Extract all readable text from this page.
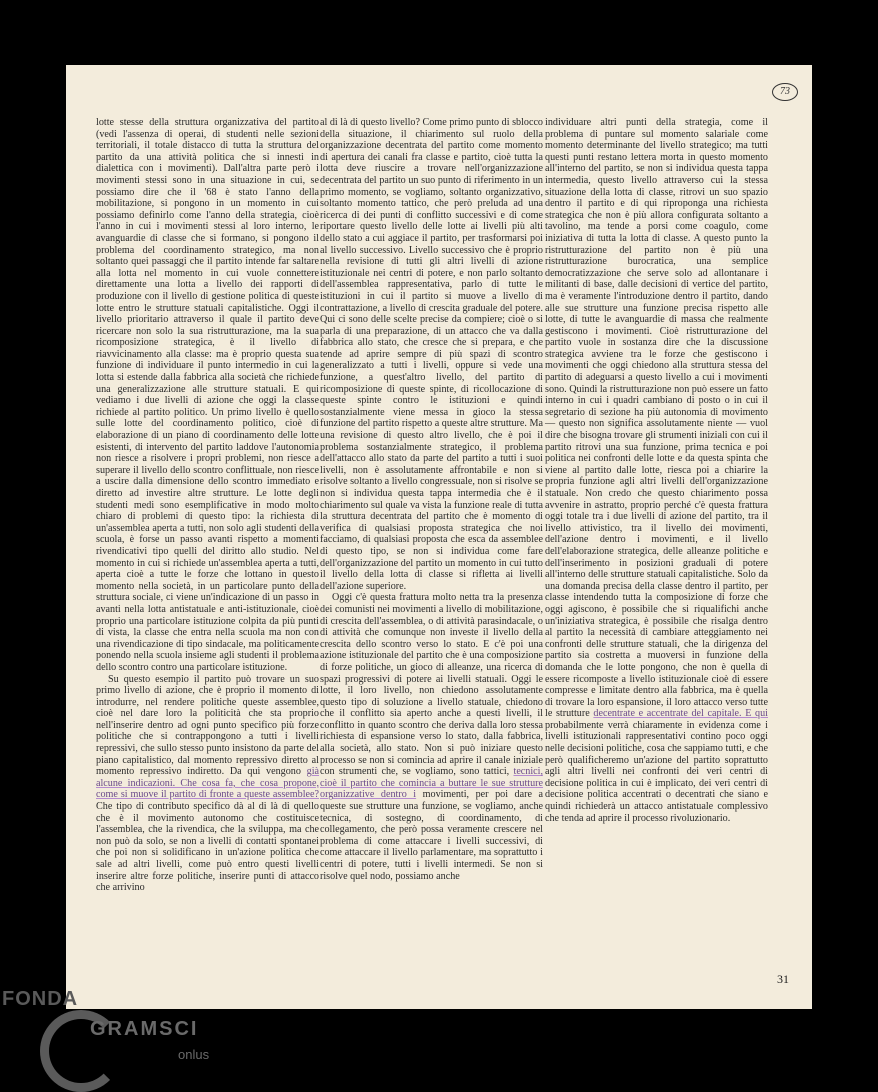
73

lotte stesse della struttura organizzativa del partito (vedi l'assenza di operai, di studenti nelle sezioni territoriali, il totale distacco di tutta la struttura del partito da una attività politica che si innesti in dialettica con i movimenti). Dall'altra parte però i movimenti stessi sono in una situazione in cui, se possiamo dire che il '68 è stato l'anno della mobilitazione, si pongono in un momento in cui possiamo definirlo come l'anno della strategia, cioè l'anno in cui i movimenti stessi al loro interno, le avanguardie di classe che si formano, si pongono il problema del coordinamento strategico, ma non soltanto quei passaggi che il partito intende far saltare alla lotta nel momento in cui vuole connettere direttamente una lotta a livello dei rapporti di produzione con il livello di gestione politica di queste lotte entro le strutture statuali capitalistiche. Oggi il livello prioritario attraverso il quale il partito deve ricercare non solo la sua ristrutturazione, ma la sua ricomposizione strategica, è il livello di riavvicinamento alla classe: ma è proprio questa sua funzione di individuare il punto intermedio in cui la lotta si estende dalla fabbrica alla società che richiede una generalizzazione alle strutture statuali. E qui vediamo i due livelli di azione che oggi la classe richiede al partito politico. Un primo livello è quello sulle lotte del coordinamento politico, cioè di elaborazione di un piano di coordinamento delle lotte esistenti, di intervento del partito laddove l'autonomia non riesce a risolvere i propri problemi, non riesce a superare il livello dello scontro conflittuale, non riesce a uscire dalla dimensione dello scontro immediato e diretto ad investire altre strutture. Le lotte degli studenti medi sono esemplificative in modo molto chiaro di problemi di questo tipo: la richiesta di un'assemblea aperta a tutti, non solo agli studenti della scuola, è forse un passo avanti rispetto a momenti rivendicativi tipo quelli del diritto allo studio. Nel momento in cui si richiede un'assemblea aperta a tutti, aperta cioè a tutte le forze che lottano in questo momento nella società, in un particolare punto della struttura sociale, ci viene un'indicazione di un passo in avanti nella lotta antistatuale e anti-istituzionale, cioè proprio una particolare istituzione colpita da più punti di vista, la classe che entra nella scuola ma non con una rivendicazione di tipo sindacale, ma politicamente ponendo nella scuola insieme agli studenti il problema dello scontro contro una particolare istituzione.

Su questo esempio il partito può trovare un suo primo livello di azione, che è proprio il momento di introdurre, nel rendere politiche queste assemblee, cioè nel dare loro la politicità che sta proprio nell'inserire dentro ad ogni punto specifico più forze politiche che si contrappongono a tutti i livelli repressivi, che sullo stesso punto insistono da parte del piano capitalistico, dal momento repressivo diretto al momento repressivo indiretto. Da qui vengono già alcune indicazioni. Che cosa fa, che cosa propone, come si muove il partito di fronte a queste assemblee? Che tipo di contributo specifico dà al di là di quello che è il movimento autonomo che costituisce l'assemblea, che la rivendica, che la sviluppa, ma che non può da solo, se non a livelli di contatti spontanei che poi non si solidificano in un'azione politica che sale ad altri livelli, come può entro questi livelli inserire altre forze politiche, inserire punti di attacco che arrivino

al di là di questo livello? Come primo punto di sblocco della situazione, il chiarimento sul ruolo della organizzazione decentrata del partito come momento di apertura dei canali fra classe e partito, cioè tutta la lotta deve riuscire a trovare nell'organizzazione decentrata del partito un suo punto di riferimento in un primo momento, se vogliamo, soltanto organizzativo, soltanto momento tattico, che però preluda ad una ricerca di dei punti di conflitto successivi e di come riportare questo livello delle lotte ai livelli più alti dello stato a cui aggiace il partito, per trasformarsi poi al livello successivo. Livello successivo che è proprio nella revisione di tutti gli altri livelli di azione istituzionale nei centri di potere, e non parlo soltanto dell'assemblea rappresentativa, parlo di tutte le istituzioni in cui il partito si muove a livello di contrattazione, a livello di crescita graduale del potere. Qui ci sono delle scelte precise da compiere; cioè o si parla di una preparazione, di un attacco che va dalla fabbrica allo stato, che cresce che si prepara, e che tende ad aprire sempre di più spazi di scontro generalizzato a tutti i livelli, oppure si vede una funzione, a quest'altro livello, del partito di ricomposizione di queste spinte, di ricollocazione di queste spinte contro le istituzioni e quindi sostanzialmente viene messa in gioco la stessa funzione del partito rispetto a queste altre strutture. Ma una revisione di questo altro livello, che è poi il problema sostanzialmente strategico, il problema dell'attacco allo stato da parte del partito a tutti i suoi livelli, non è assolutamente affrontabile e non si risolve soltanto a livello congressuale, non si risolve se non si individua questa tappa intermedia che è il chiarimento sul quale va vista la funzione reale di tutta la struttura decentrata del partito che è momento di verifica di qualsiasi proposta strategica che noi facciamo, di qualsiasi proposta che esca da assemblee di questo tipo, se non si individua come fare dell'organizzazione del partito un momento in cui tutto il livello della lotta di classe si rifletta ai livelli dell'azione superiore.

Oggi c'è questa frattura molto netta tra la presenza dei comunisti nei movimenti a livello di mobilitazione, di crescita dell'assemblea, o di attività parasindacale, o di attività che comunque non investe il livello della crescita dello scontro verso lo stato. E c'è poi una azione istituzionale del partito che è una composizione di forze politiche, un gioco di alleanze, una ricerca di spazi progressivi di potere ai livelli statuali. Oggi le lotte, il loro livello, non chiedono assolutamente questo tipo di soluzione a livello statuale, chiedono che il conflitto sia aperto anche a questi livelli, il conflitto in quanto scontro che deriva dalla loro stessa richiesta di espansione verso lo stato, dalla fabbrica, alla società, allo stato. Non si può iniziare questo processo se non si comincia ad aprire il canale iniziale con strumenti che, se vogliamo, sono tattici, tecnici, cioè il partito che comincia a buttare le sue strutture organizzative dentro i movimenti, per poi dare a queste sue strutture una funzione, se vogliamo, anche tecnica, di sostegno, di coordinamento, di collegamento, che però possa veramente crescere nel problema di come attaccare i livelli successivi, di come attaccare il livello parlamentare, ma soprattutto i centri di potere, tutti i livelli intermedi. Se non si risolve quel nodo, possiamo anche

individuare altri punti della strategia, come il problema di puntare sul momento salariale come momento determinante del livello strategico; ma tutti questi punti restano lettera morta in questo momento all'interno del partito, se non si individua questa tappa intermedia, questo livello attraverso cui la stessa situazione della lotta di classe, ritrovi un suo spazio dentro il partito e di qui riproponga una richiesta strategica che non è più allora configurata soltanto a tavolino, ma tende a porsi come coagulo, come iniziativa di tutta la lotta di classe. A questo punto la ristrutturazione del partito non è più una ristrutturazione burocratica, una semplice democratizzazione che serve solo ad allontanare i militanti di base, dalle decisioni di vertice del partito, ma è veramente l'introduzione dentro il partito, dando alle sue strutture una funzione precisa rispetto alle lotte, di tutte le avanguardie di massa che realmente gestiscono i movimenti. Cioè ristrutturazione del partito vuole in sostanza dire che la discussione strategica avviene tra le forze che gestiscono i movimenti che oggi chiedono alla struttura stessa del partito di adeguarsi a questo livello a cui i movimenti sono. Quindi la ristrutturazione non può essere un fatto interno in cui i quadri cambiano di posto o in cui il segretario di sezione ha più autonomia di movimento — questo non significa assolutamente niente — vuol dire che bisogna trovare gli strumenti iniziali con cui il partito ritrovi una sua funzione, prima tecnica e poi politica nei confronti delle lotte e da questa spinta che viene al partito dalle lotte, riesca poi a chiarire la propria funzione agli altri livelli dell'organizzazione statuale. Non credo che questo chiarimento possa avvenire in astratto, proprio perché c'è questa frattura oggi totale tra i due livelli di azione del partito, tra il livello attivistico, tra il livello dei movimenti, dell'azione dentro i movimenti, e il livello dell'elaborazione strategica, delle alleanze politiche e dell'inserimento in posizioni graduali di potere all'interno delle strutture statuali capitalistiche. Solo da una domanda precisa della classe dentro il partito, per classe intendendo tutta la composizione di forze che oggi agiscono, è possibile che si riqualifichi anche un'iniziativa strategica, è possibile che risalga dentro al partito la necessità di cambiare atteggiamento nei confronti delle strutture statuali, che la dirigenza del partito sia costretta a muoversi in funzione della domanda che le lotte pongono, che non è quella di essere ricomposte a livello istituzionale cioè di essere compresse e limitate dentro alla fabbrica, ma è quella di trovare la loro espansione, il loro attacco verso tutte le strutture decentrate e accentrate del capitale. E qui probabilmente verrà chiaramente in evidenza come i livelli istituzionali rappresentativi contino poco oggi nelle decisioni politiche, cosa che sappiamo tutti, e che però qualificheremo un'azione del partito soprattutto agli altri livelli nei confronti dei veri centri di decisione politica in cui è implicato, dei veri centri di decisione politica accentrati o decentrati che siano e quindi richiederà un attacco antistatuale complessivo che tenda ad aprire il processo rivoluzionario.

31
FONDA
GRAMSCI
onlus
